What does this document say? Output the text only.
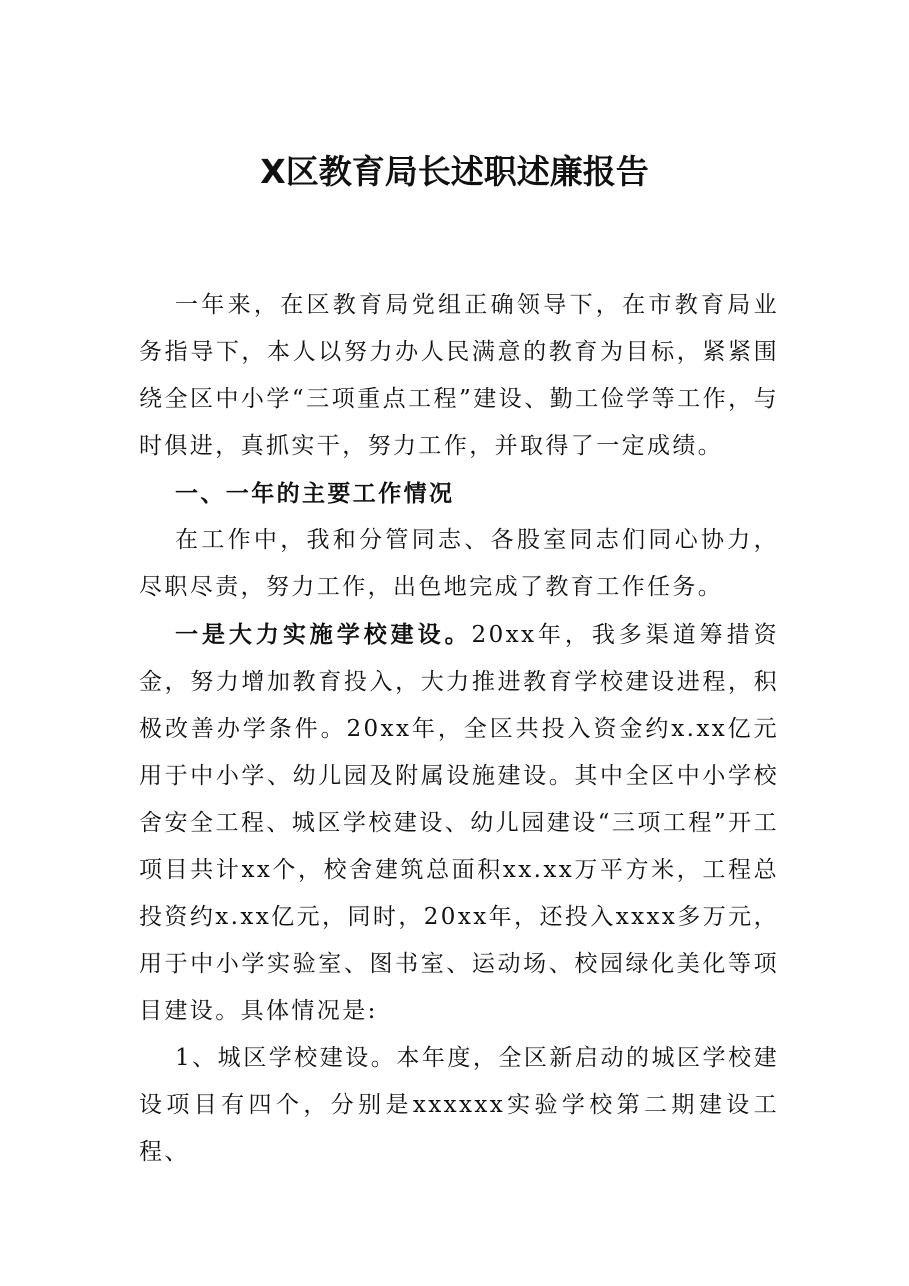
X区教育局长述职述廉报告

一年来，在区教育局党组正确领导下，在市教育局业务指导下，本人以努力办人民满意的教育为目标，紧紧围绕全区中小学“三项重点工程”建设、勤工俭学等工作，与时俱进，真抓实干，努力工作，并取得了一定成绩。

一、一年的主要工作情况

在工作中，我和分管同志、各股室同志们同心协力，尽职尽责，努力工作，出色地完成了教育工作任务。

一是大力实施学校建设。20xx年，我多渠道筹措资金，努力增加教育投入，大力推进教育学校建设进程，积极改善办学条件。20xx年，全区共投入资金约x.xx亿元用于中小学、幼儿园及附属设施建设。其中全区中小学校舍安全工程、城区学校建设、幼儿园建设“三项工程”开工项目共计xx个，校舍建筑总面积xx.xx万平方米，工程总投资约x.xx亿元，同时，20xx年，还投入xxxx多万元，用于中小学实验室、图书室、运动场、校园绿化美化等项目建设。具体情况是:

1、城区学校建设。本年度，全区新启动的城区学校建设项目有四个，分别是xxxxxx实验学校第二期建设工程、
